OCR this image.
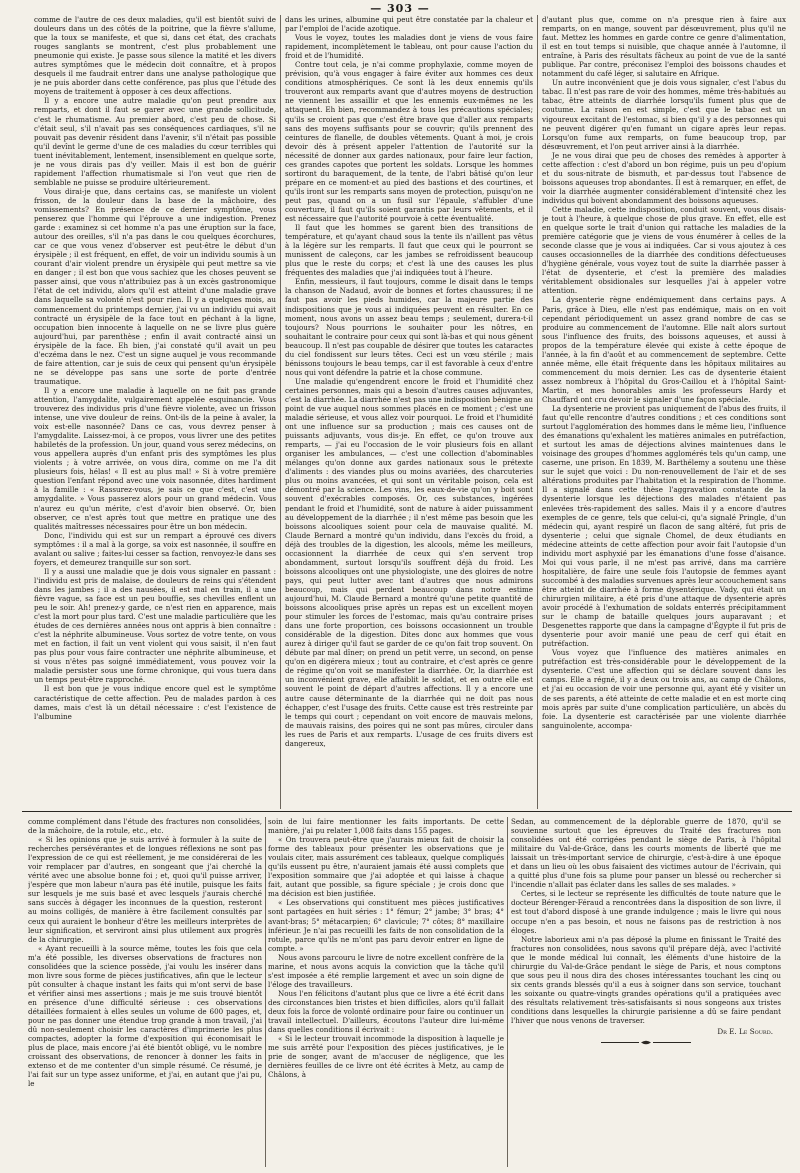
— 303 —

comme de l'autre de ces deux maladies, qu'il est bientôt suivi de douleurs dans un des côtés de la poitrine, que la fièvre s'allume, que la toux se manifeste, et que si, dans cet état, des crachats rouges sanglants se montrent, c'est plus probablement une pneumonie qui existe. Je passe sous silence la matité et les divers autres symptômes que le médecin doit connaître, et à propos desquels il me faudrait entrer dans une analyse pathologique que je ne puis aborder dans cette conférence, pas plus que l'étude des moyens de traitement à opposer à ces deux affections.

Il y a encore une autre maladie qu'on peut prendre aux remparts, et dont il faut se garer avec une grande sollicitude, c'est le rhumatisme. Au premier abord, c'est peu de chose. Si c'était seul, s'il n'avait pas ses conséquences cardiaques, s'il ne pouvait pas devenir résident dans l'avenir, s'il n'était pas possible qu'il devînt le germe d'une de ces maladies du cœur terribles qui tuent inévitablement, lentement, insensiblement en quelque sorte, je ne vous dirais pas d'y veiller. Mais il est bon de guérir rapidement l'affection rhumatismale si l'on veut que rien de semblable ne puisse se produire ultérieurement.

Vous dirai-je que, dans certains cas, se manifeste un violent frisson, de la douleur dans la base de la mâchoire, des vomissements? En présence de ce dernier symptôme, vous penserez que l'homme qui l'éprouve a une indigestion. Prenez garde : examinez si cet homme n'a pas une éruption sur la face, autour des oreilles, s'il n'a pas dans le cou quelques écorchures, car ce que vous venez d'observer est peut-être le début d'un érysipèle ; il est fréquent, en effet, de voir un individu soumis à un courant d'air violent prendre un érysipèle qui peut mettre sa vie en danger ; il est bon que vous sachiez que les choses peuvent se passer ainsi, que vous n'attribuiez pas à un excès gastronomique l'état de cet individu, alors qu'il est atteint d'une maladie grave dans laquelle sa volonté n'est pour rien. Il y a quelques mois, au commencement du printemps dernier, j'ai vu un individu qui avait contracté un érysipèle de la face tout en péchant à la ligne, occupation bien innocente à laquelle on ne se livre plus guère aujourd'hui, par parenthèse ; enfin il avait contracté ainsi un érysipèle de la face. Eh bien, j'ai constaté qu'il avait un peu d'eczéma dans le nez. C'est un signe auquel je vous recommande de faire attention, car je suis de ceux qui pensent qu'un érysipèle ne se développe pas sans une sorte de porte d'entrée traumatique.

Il y a encore une maladie à laquelle on ne fait pas grande attention, l'amygdalite, vulgairement appelée esquinancie. Vous trouverez des individus pris d'une fièvre violente, avec un frisson intense, une vive douleur de reins. Ont-ils de la peine à avaler, la voix est-elle nasonnée? Dans ce cas, vous devrez penser à l'amygdalite. Laissez-moi, à ce propos, vous livrer une des petites habiletés de la profession. Un jour, quand vous serez médecins, on vous appellera auprès d'un enfant pris des symptômes les plus violents ; à votre arrivée, on vous dira, comme on me l'a dit plusieurs fois, hélas! « Il est au plus mal! » Si à votre première question l'enfant répond avec une voix nasonnée, dites hardiment à la famille : « Rassurez-vous, je sais ce que c'est, c'est une amygdalite. » Vous passerez alors pour un grand médecin. Vous n'aurez eu qu'un mérite, c'est d'avoir bien observé. Or, bien observer, ce n'est après tout que mettre en pratique une des qualités maîtresses nécessaires pour être un bon médecin.

Donc, l'individu qui est sur un rempart a éprouvé ces divers symptômes : il a mal à la gorge, sa voix est nasonnée, il souffre en avalant ou salive ; faites-lui cesser sa faction, renvoyez-le dans ses foyers, et demeurez tranquille sur son sort.

Il y a aussi une maladie que je dois vous signaler en passant : l'individu est pris de malaise, de douleurs de reins qui s'étendent dans les jambes ; il a des nausées, il est mal en train, il a une fièvre vague, sa face est un peu bouffie, ses chevilles enflent un peu le soir. Ah! prenez-y garde, ce n'est rien en apparence, mais c'est la mort pour plus tard. C'est une maladie particulière que les études de ces dernières années nous ont appris à bien connaître : c'est la néphrite albumineuse. Vous sortez de votre tente, on vous met en faction, il fait un vent violent qui vous saisit, il n'en faut pas plus pour vous faire contracter une néphrite albumineuse, et si vous n'êtes pas soigné immédiatement, vous pouvez voir la maladie persister sous une forme chronique, qui vous tuera dans un temps peut-être rapproché.

Il est bon que je vous indique encore quel est le symptôme caractéristique de cette affection. Peu de malades pardon à ces dames, mais c'est là un détail nécessaire : c'est l'existence de l'albumine

dans les urines, albumine qui peut être constatée par la chaleur et par l'emploi de l'acide azotique.

Vous le voyez, toutes les maladies dont je viens de vous faire rapidement, incomplètement le tableau, ont pour cause l'action du froid et de l'humidité.

Contre tout cela, je n'ai comme prophylaxie, comme moyen de prévision, qu'à vous engager à faire éviter aux hommes ces deux conditions atmosphériques. Ce sont là les deux ennemis qu'ils trouveront aux remparts avant que d'autres moyens de destruction ne viennent les assaillir et que les ennemis eux-mêmes ne les attaquent. Eh bien, recommandez à tous les précautions spéciales; qu'ils se croient pas que c'est être brave que d'aller aux remparts sans des moyens suffisants pour se couvrir; qu'ils prennent des ceintures de flanelle, de doubles vêtements. Quant à moi, je crois devoir dès à présent appeler l'attention de l'autorité sur la nécessité de donner aux gardes nationaux, pour faire leur faction, ces grandes capotes que portent les soldats. Lorsque les hommes sortiront du baraquement, de la tente, de l'abri bâtisé qu'on leur prépare en ce moment-et au pied des bastions et des courtines, et qu'ils iront sur les remparts sans moyen de protection, puisqu'on ne peut pas, quand on a un fusil sur l'épaule, s'affubler d'une couverture, il faut qu'ils soient garantis par leurs vêtements, et il est nécessaire que l'autorité pourvoie à cette éventualité.

Il faut que les hommes se garent bien des transitions de température, et qu'ayant chaud sous la tente ils n'aillent pas vêtus à la légère sur les remparts. Il faut que ceux qui le pourront se munissent de caleçons, car les jambes se refroidissent beaucoup plus que le reste du corps; et c'est là une des causes les plus fréquentes des maladies que j'ai indiquées tout à l'heure.

Enfin, messieurs, il faut toujours, comme le disait dans le temps la chanson de Nadaud, avoir de bonnes et fortes chaussures; il ne faut pas avoir les pieds humides, car la majeure partie des indispositions que je vous ai indiquées peuvent en résulter. En ce moment, nous avons un assez beau temps ; seulement, durera-t-il toujours? Nous pourrions le souhaiter pour les nôtres, en souhaitant le contraire pour ceux qui sont là-bas et qui nous gênent beaucoup. Il n'est pas coupable de désirer que toutes les cataractes du ciel fondissent sur leurs têtes. Ceci est un vœu stérile ; mais bénissons toujours le beau temps, car il est favorable à ceux d'entre nous qui vont défendre la patrie et la chose commune.

Une maladie qu'engendrent encore le froid et l'humidité chez certaines personnes, mais qui a besoin d'autres causes adjuvantes, c'est la diarrhée. La diarrhée n'est pas une indisposition bénigne au point de vue auquel nous sommes placés en ce moment ; c'est une maladie sérieuse, et vous allez voir pourquoi. Le froid et l'humidité ont une influence sur sa production ; mais ces causes ont de puissants adjuvants, vous dis-je. En effet, ce qu'on trouve aux remparts, — j'ai eu l'occasion de le voir plusieurs fois en allant organiser les ambulances, — c'est une collection d'abominables mélanges qu'on donne aux gardes nationaux sous le prétexte d'aliments : des viandes plus ou moins avariées, des charcuteries plus ou moins avancées, et qui sont un véritable poison, cela est démontré par la science. Les vins, les eaux-de-vie qu'on y boit sont souvent d'exécrables composés. Or, ces substances, ingérées pendant le froid et l'humidité, sont de nature à aider puissamment au développement de la diarrhée ; il n'est même pas besoin que les boissons alcooliques soient pour cela de mauvaise qualité. M. Claude Bernard a montré qu'un individu, dans l'excès du froid, a déjà des troubles de la digestion, les alcools, même les meilleurs, occasionnent la diarrhée de ceux qui s'en servent trop abondamment, surtout lorsqu'ils souffrent déjà du froid. Les boissons alcooliques ont une physiologiste, une des gloires de notre pays, qui peut lutter avec tant d'autres que nous admirons beaucoup, mais qui perdent beaucoup dans notre estime aujourd'hui, M. Claude Bernard a montré qu'une petite quantité de boissons alcooliques prise après un repas est un excellent moyen pour stimuler les forces de l'estomac, mais qu'au contraire prises dans une forte proportion, ces boissons occasionnent un trouble considérable de la digestion. Dites donc aux hommes que vous aurez à diriger qu'il faut se garder de ce qu'on fait trop souvent. On débute par mal dîner; on prend un petit verre, un second, on pense qu'on en digérera mieux ; tout au contraire, et c'est après ce genre de régime qu'on voit se manifester la diarrhée. Or, la diarrhée est un inconvénient grave, elle affaiblit le soldat, et en outre elle est souvent le point de départ d'autres affections. Il y a encore une autre cause déterminante de la diarrhée qui ne doit pas nous échapper, c'est l'usage des fruits. Cette cause est très restreinte par le temps qui court ; cependant on voit encore de mauvais melons, de mauvais raisins, des poires qui ne sont pas mûres, circuler dans les rues de Paris et aux remparts. L'usage de ces fruits divers est dangereux,

d'autant plus que, comme on n'a presque rien à faire aux remparts, on en mange, souvent par désœuvrement, plus qu'il ne faut. Mettez les hommes en garde contre ce genre d'alimentation, il est en tout temps si nuisible, que chaque année à l'automne, il entraîne, à Paris des résultats fâcheux au point de vue de la santé publique. Par contre, préconisez l'emploi des boissons chaudes et notamment du café léger, si salutaire en Afrique.

Un autre inconvénient que je dois vous signaler, c'est l'abus du tabac. Il n'est pas rare de voir des hommes, même très-habitués au tabac, être atteints de diarrhée lorsqu'ils fument plus que de coutume. La raison en est simple, c'est que le tabac est un vigoureux excitant de l'estomac, si bien qu'il y a des personnes qui ne peuvent digérer qu'en fumant un cigare après leur repas. Lorsqu'on fume aux remparts, on fume beaucoup trop, par désœuvrement, et l'on peut arriver ainsi à la diarrhée.

Je ne vous dirai que peu de choses des remèdes à apporter à cette affection : c'est d'abord un bon régime, puis un peu d'opium et du sous-nitrate de bismuth, et par-dessus tout l'absence de boissons aqueuses trop abondantes. Il est à remarquer, en effet, de voir la diarrhée augmenter considérablement d'intensité chez les individus qui boivent abondamment des boissons aqueuses.

Cette maladie, cette indisposition, conduit souvent, vous disais-je tout à l'heure, à quelque chose de plus grave. En effet, elle est en quelque sorte le trait d'union qui rattache les maladies de la première catégorie que je viens de vous énumérer à celles de la seconde classe que je vous ai indiquées. Car si vous ajoutez à ces causes occasionnelles de la diarrhée des conditions défectueuses d'hygiène générale, vous voyez tout de suite la diarrhée passer à l'état de dysenterie, et c'est la première des maladies véritablement obsidionales sur lesquelles j'ai à appeler votre attention.

La dysenterie règne endémiquement dans certains pays. A Paris, grâce à Dieu, elle n'est pas endémique, mais on en voit cependant périodiquement un assez grand nombre de cas se produire au commencement de l'automne. Elle naît alors surtout sous l'influence des fruits, des boissons aqueuses, et aussi à propos de la température élevée qui existe à cette époque de l'année, à la fin d'août et au commencement de septembre. Cette année même, elle était fréquente dans les hôpitaux militaires au commencement du mois dernier. Les cas de dysenterie étaient assez nombreux à l'hôpital du Gros-Caillou et à l'hôpital Saint-Martin, et mes honorables amis les professeurs Hardy et Chauffard ont cru devoir le signaler d'une façon spéciale.

La dysenterie ne provient pas uniquement de l'abus des fruits, il faut qu'elle rencontre d'autres conditions ; et ces conditions sont surtout l'agglomération des hommes dans le même lieu, l'influence des émanations qu'exhalent les matières animales en putréfaction, et surtout les amas de déjections alvines maintenues dans le voisinage des groupes d'hommes agglomérés tels qu'un camp, une caserne, une prison. En 1839, M. Barthélemy a soutenu une thèse sur le sujet que voici : Du non-renouvellement de l'air et de ses altérations produites par l'habitation et la respiration de l'homme. Il a signalé dans cette thèse l'aggravation constante de la dysenterie lorsque les déjections des malades n'étaient pas enlevées très-rapidement des salles. Mais il y a encore d'autres exemples de ce genre, tels que celui-ci, qu'a signalé Pringle, d'un médecin qui, ayant respiré un flacon de sang altéré, fut pris de dysenterie ; celui que signale Chomel, de deux étudiants en médecine atteints de cette affection pour avoir fait l'autopsie d'un individu mort asphyxié par les émanations d'une fosse d'aisance. Moi qui vous parle, il ne m'est pas arrivé, dans ma carrière hospitalière, de faire une seule fois l'autopsie de femmes ayant succombé à des maladies survenues après leur accouchement sans être atteint de diarrhée à forme dysentérique. Vady, qui était un chirurgien militaire, a été pris d'une attaque de dysenterie après avoir procédé à l'exhumation de soldats enterrés précipitamment sur le champ de bataille quelques jours auparavant ; et Desgenettes rapporte que dans la campagne d'Égypte il fut pris de dysenterie pour avoir manié une peau de cerf qui était en putréfaction.

Vous voyez que l'influence des matières animales en putréfaction est très-considérable pour le développement de la dysenterie. C'est une affection qui se déclare souvent dans les camps. Elle a régné, il y a deux ou trois ans, au camp de Châlons, et j'ai eu occasion de voir une personne qui, ayant été y visiter un de ses parents, a été atteinte de cette maladie et en est morte cinq mois après par suite d'une complication particulière, un abcès du foie. La dysenterie est caractérisée par une violente diarrhée sanguinolente, accompa-

comme complément dans l'étude des fractures non consolidées, de la mâchoire, de la rotule, etc., etc.

« Si les opinions que je suis arrivé à formuler à la suite de recherches persévérantes et de longues réflexions ne sont pas l'expression de ce qui est réellement, je me considérerai de les voir remplacer par d'autres, en songeant que j'ai cherché la vérité avec une absolue bonne foi ; et, quoi qu'il puisse arriver, j'espère que mon labeur n'aura pas été inutile, puisque les faits sur lesquels je me suis basé et avec lesquels j'aurais cherché sans succès à dégager les inconnues de la question, resteront au moins colligés, de manière à être facilement consultés par ceux qui auraient le bonheur d'être les meilleurs interprètes de leur signification, et serviront ainsi plus utilement aux progrès de la chirurgie.

« Ayant recueilli à la source même, toutes les fois que cela m'a été possible, les diverses observations de fractures non consolidées que la science possède, j'ai voulu les insérer dans mon livre sous forme de pièces justificatives, afin que le lecteur pût consulter à chaque instant les faits qui m'ont servi de base et vérifier ainsi mes assertions ; mais je me suis trouvé bientôt en présence d'une difficulté sérieuse : ces observations détaillées formaient à elles seules un volume de 600 pages, et, pour ne pas donner une étendue trop grande à mon travail, j'ai dû non-seulement choisir les caractères d'imprimerie les plus compactes, adopter la forme d'exposition qui économisait le plus de place, mais encore j'ai été bientôt obligé, vu le nombre croissant des observations, de renoncer à donner les faits in extenso et de me contenter d'un simple résumé. Ce résumé, je l'ai fait sur un type assez uniforme, et j'ai, en autant que j'ai pu, le

soin de lui faire mentionner les faits importants. De cette manière, j'ai pu relater 1,008 faits dans 155 pages.

« On trouvera peut-être que j'aurais mieux fait de choisir la forme des tableaux pour présenter les observations que je voulais citer, mais assurément ces tableaux, quelque compliqués qu'ils eussent pu être, n'auraient jamais été aussi complets que l'exposition sommaire que j'ai adoptée et qui laisse à chaque fait, autant que possible, sa figure spéciale ; je crois donc que ma décision est bien justifiée.

« Les observations qui constituent mes pièces justificatives sont partagées en huit séries : 1° fémur; 2° jambe; 3° bras; 4° avant-bras; 5° métacarpien; 6° clavicule; 7° côtes; 8° maxillaire inférieur. Je n'ai pas recueilli les faits de non consolidation de la rotule, parce qu'ils ne m'ont pas paru devoir entrer en ligne de compte. »

Nous avons parcouru le livre de notre excellent confrère de la marine, et nous avons acquis la conviction que la tâche qu'il s'est imposée a été remplie largement et avec un soin digne de l'éloge des travailleurs.

Nous l'en félicitons d'autant plus que ce livre a été écrit dans des circonstances bien tristes et bien difficiles, alors qu'il fallait deux fois la force de volonté ordinaire pour faire ou continuer un travail intellectuel. D'ailleurs, écoutons l'auteur dire lui-même dans quelles conditions il écrivait :

« Si le lecteur trouvait incommode la disposition à laquelle je me suis arrêté pour l'exposition des pièces justificatives, je le prie de songer, avant de m'accuser de négligence, que les dernières feuilles de ce livre ont été écrites à Metz, au camp de Châlons, à

Sedan, au commencement de la déplorable guerre de 1870, qu'il se souvienne surtout que les épreuves du Traité des fractures non consolidées ont été corrigées pendant le siège de Paris, à l'hôpital militaire du Val-de-Grâce, dans les courts moments de liberté que me laissait un très-important service de chirurgie, c'est-à-dire à une époque et dans un lieu où les obus faisaient des victimes autour de l'écrivain, qui a quitté plus d'une fois sa plume pour panser un blessé ou rechercher si l'incendie n'allait pas éclater dans les salles de ses malades. »

Certes, si le lecteur se représente les difficultés de toute nature que le docteur Bérenger-Féraud a rencontrées dans la disposition de son livre, il est tout d'abord disposé à une grande indulgence ; mais le livre qui nous occupe n'en a pas besoin, et nous ne faisons pas de restriction à nos éloges.

Notre laborieux ami n'a pas déposé la plume en finissant le Traité des fractures non consolidées, nous savons qu'il prépare déjà, avec l'activité que le monde médical lui connaît, les éléments d'une histoire de la chirurgie du Val-de-Grâce pendant le siège de Paris, et nous comptons que sous peu il nous dira des choses intéressantes touchant les cinq ou six cents grands blessés qu'il a eus à soigner dans son service, touchant les soixante ou quatre-vingts grandes opérations qu'il a pratiquées avec des résultats relativement très-satisfaisants si nous songeons aux tristes conditions dans lesquelles la chirurgie parisienne a dû se faire pendant l'hiver que nous venons de traverser.

Dr E. Le Sourd.
